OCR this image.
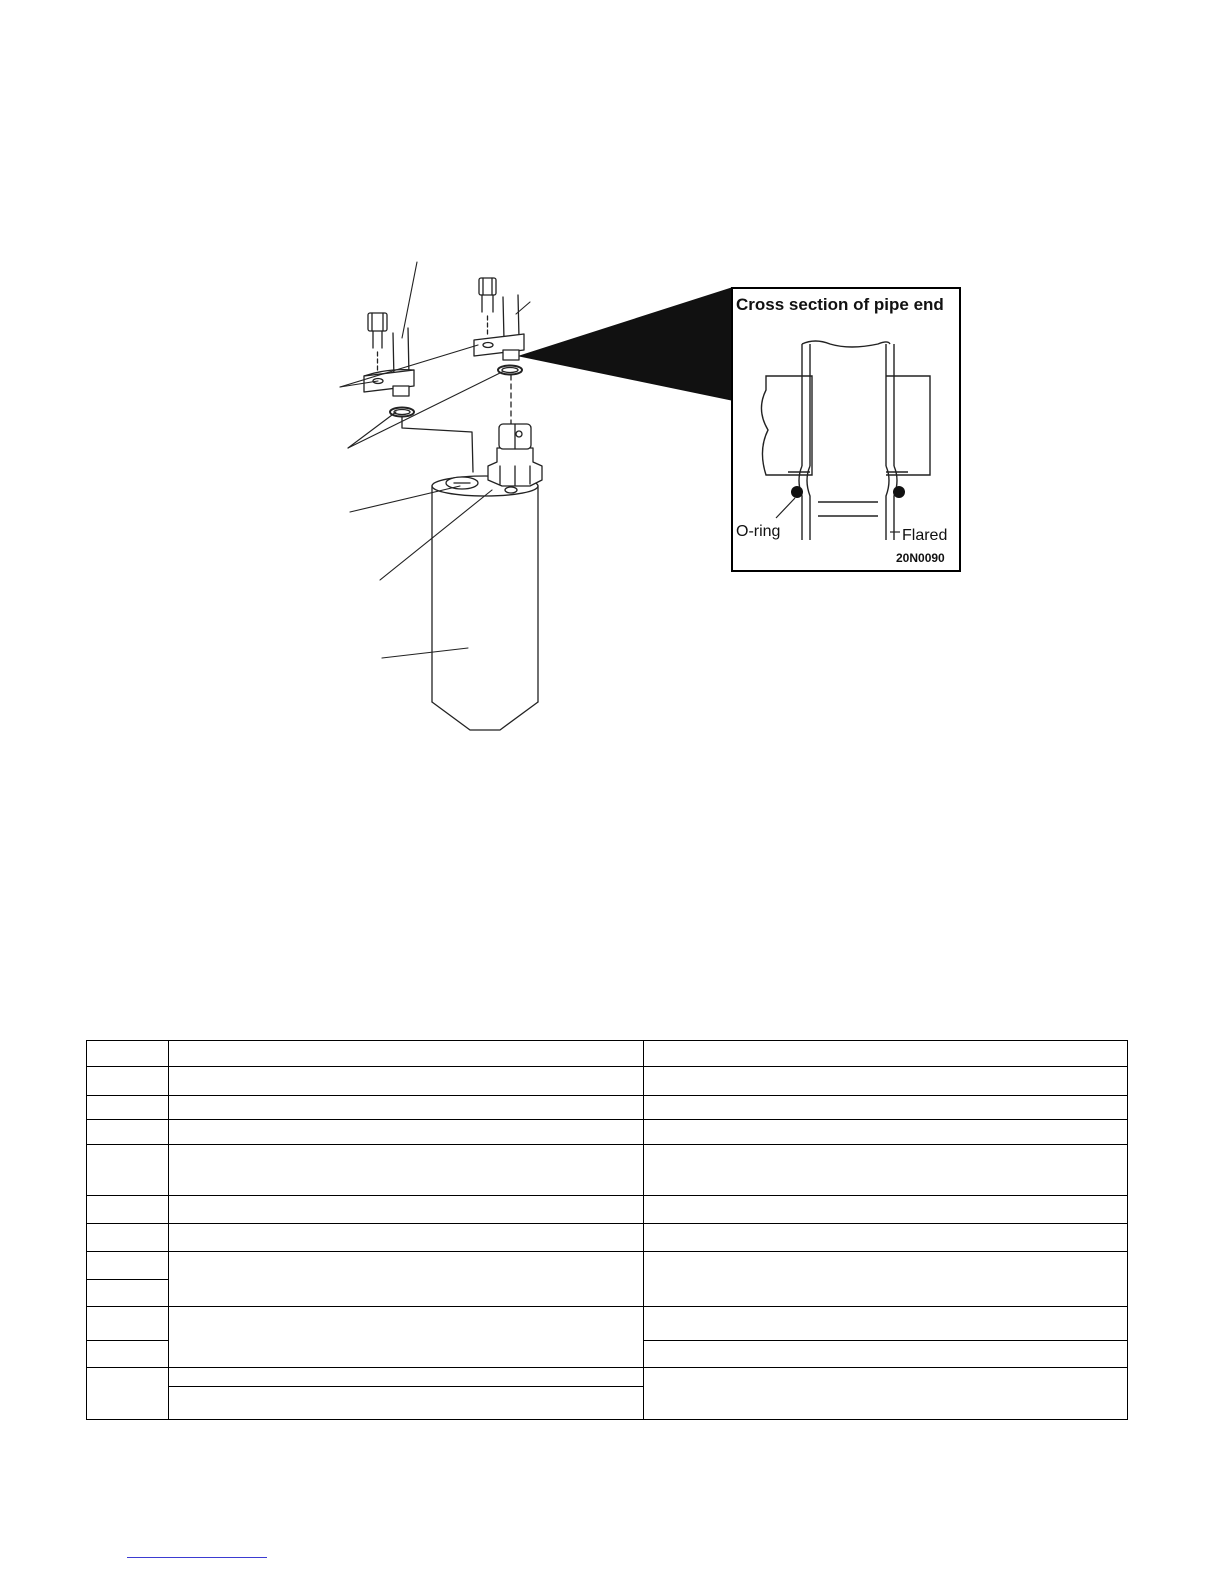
Cross section of pipe end
O-ring	Flared
20N0090
